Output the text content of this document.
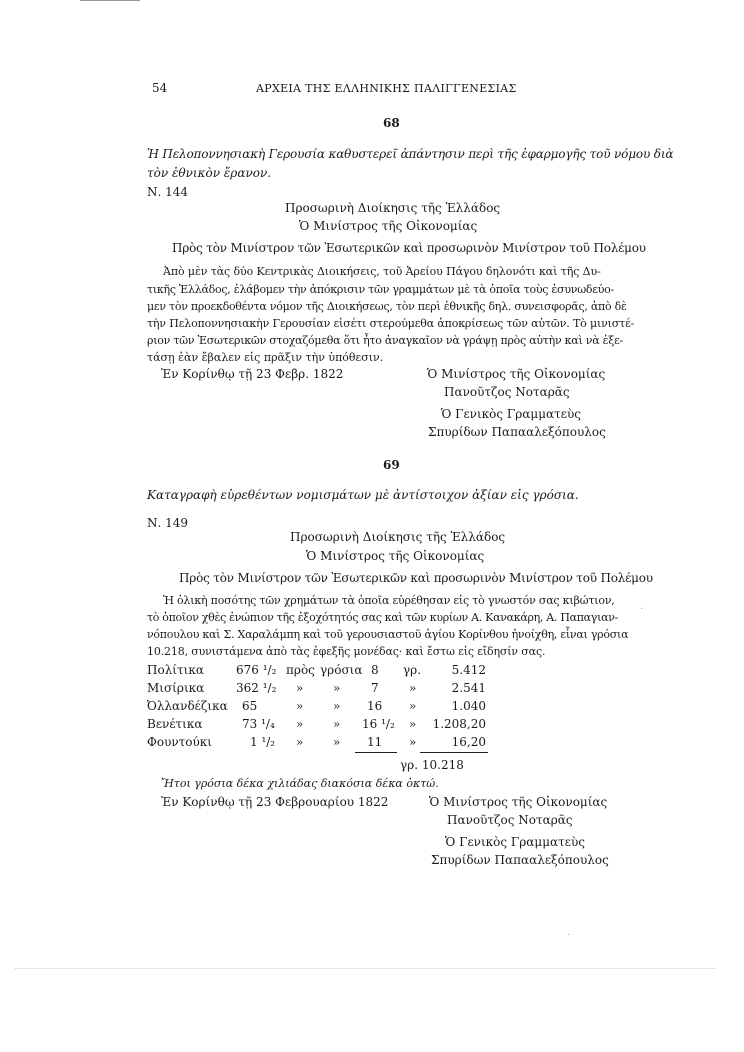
54	ΑΡΧΕΙΑ ΤΗΣ ΕΛΛΗΝΙΚΗΣ ΠΑΛΙΓΓΕΝΕΣΙΑΣ
68
Ἡ Πελοποννησιακὴ Γερουσία καθυστερεῖ ἀπάντησιν περὶ τῆς ἐφαρμογῆς τοῦ νόμου διὰ
τὸν ἐθνικὸν ἔρανον.
Ν. 144
Προσωρινὴ Διοίκησις τῆς Ἑλλάδος
Ὁ Μινίστρος τῆς Οἰκονομίας
Πρὸς τὸν Μινίστρον τῶν Ἐσωτερικῶν καὶ προσωρινὸν Μινίστρον τοῦ Πολέμου
Ἀπὸ μὲν τὰς δύο Κεντρικὰς Διοικήσεις, τοῦ Ἀρείου Πάγου δηλονότι καὶ τῆς Δυ-
τικῆς Ἑλλάδος, ἐλάβομεν τὴν ἀπόκρισιν τῶν γραμμάτων μὲ τὰ ὁποῖα τοὺς ἐσυνωδεύο-
μεν τὸν προεκδοθέντα νόμον τῆς Διοικήσεως, τὸν περὶ ἐθνικῆς δηλ. συνεισφορᾶς, ἀπὸ δὲ
τὴν Πελοποννησιακὴν Γερουσίαν εἰσέτι στερούμεθα ἀποκρίσεως τῶν αὐτῶν. Τὸ μινιστέ-
ριον τῶν Ἐσωτερικῶν στοχαζόμεθα ὅτι ἦτο ἀναγκαῖον νὰ γράψῃ πρὸς αὐτὴν καὶ νὰ ἐξε-
τάσῃ ἐὰν ἔβαλεν εἰς πρᾶξιν τὴν ὑπόθεσιν.
Ἐν Κορίνθῳ τῇ 23 Φεβρ. 1822	Ὁ Μινίστρος τῆς Οἰκονομίας
Πανοῦτζος Νοταρᾶς
Ὁ Γενικὸς Γραμματεὺς
Σπυρίδων Παπααλεξόπουλος
69
Καταγραφὴ εὑρεθέντων νομισμάτων μὲ ἀντίστοιχον ἀξίαν εἰς γρόσια.
Ν. 149
Προσωρινὴ Διοίκησις τῆς Ἑλλάδος
Ὁ Μινίστρος τῆς Οἰκονομίας
Πρὸς τὸν Μινίστρον τῶν Ἐσωτερικῶν καὶ προσωρινὸν Μινίστρον τοῦ Πολέμου
Ἡ ὁλικὴ ποσότης τῶν χρημάτων τὰ ὁποῖα εὑρέθησαν εἰς τὸ γνωστόν σας κιβώτιον,
τὸ ὁποῖον χθὲς ἐνώπιον τῆς ἐξοχότητός σας καὶ τῶν κυρίων Α. Κανακάρη, Α. Παπαγιαν-
νόπουλου καὶ Σ. Χαραλάμπη καὶ τοῦ γερουσιαστοῦ ἁγίου Κορίνθου ἠνοίχθη, εἶναι γρόσια
10.218, συνιστάμενα ἀπὸ τὰς ἐφεξῆς μονέδας· καὶ ἔστω εἰς εἴδησίν σας.
Πολίτικα	676 ¹/₂ πρὸς γρόσια 8 γρ.	5.412
Μισίρικα	362 ¹/₂ » »	7	»	2.541
Ὀλλανδέζικα 65	» » 16 »	1.040
Βενέτικα	73 ¹/₄ » » 16 ¹/₂ »	1.208,20
Φουντούκι	1 ¹/₂ » » 11 »	16,20
γρ. 10.218
Ἤτοι γρόσια δέκα χιλιάδας διακόσια δέκα ὀκτώ.
Ἐν Κορίνθῳ τῇ 23 Φεβρουαρίου 1822	Ὁ Μινίστρος τῆς Οἰκονομίας
Πανοῦτζος Νοταρᾶς
Ὁ Γενικὸς Γραμματεὺς
Σπυρίδων Παπααλεξόπουλος
·
·
